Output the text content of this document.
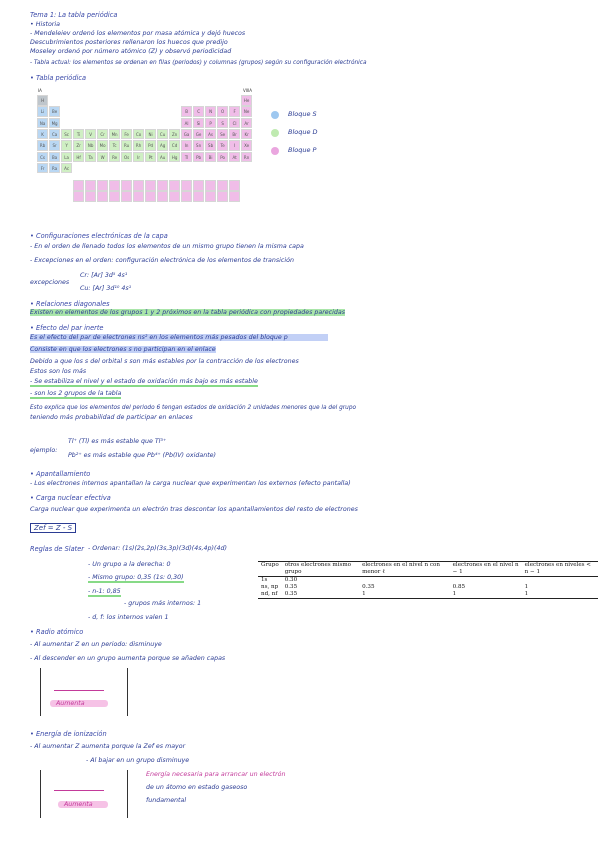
Tema 1: La tabla periódica
• Historia
- Mendeleiev ordenó los elementos por masa atómica y dejó huecos
Descubrimientos posteriores rellenaron los huecos que predijo
Moseley ordenó por número atómico (Z) y observó periodicidad
- Tabla actual: los elementos se ordenan en filas (periodos) y columnas (grupos) según su configuración electrónica
• Tabla periódica
IA	VIIIA
H	He
Li	Be	B	C	N	O	F	Ne
Na	Mg	Al	Si	P	S	Cl	Ar
K	Ca	Sc	Ti	V	Cr	Mn	Fe	Co	Ni	Cu	Zn	Ga	Ge	As	Se	Br	Kr
Rb	Sr	Y	Zr	Nb	Mo	Tc	Ru	Rh	Pd	Ag	Cd	In	Sn	Sb	Te	I	Xe
Cs	Ba	La	Hf	Ta	W	Re	Os	Ir	Pt	Au	Hg	Tl	Pb	Bi	Po	At	Rn
Fr	Ra	Ac
Bloque S
Bloque D
Bloque P
• Configuraciones electrónicas de la capa
- En el orden de llenado todos los elementos de un mismo grupo tienen la misma capa
- Excepciones en el orden: configuración electrónica de los elementos de transición
excepciones
Cr: [Ar] 3d⁵ 4s¹
Cu: [Ar] 3d¹⁰ 4s¹
• Relaciones diagonales
Existen en elementos de los grupos 1 y 2 próximos en la tabla periódica con propiedades parecidas
• Efecto del par inerte
Es el efecto del par de electrones ns² en los elementos más pesados del bloque p
Consiste en que los electrones s no participan en el enlace
Debido a que los s del orbital s son más estables por la contracción de los electrones
Estos son los más
- Se estabiliza el nivel y el estado de oxidación más bajo es más estable
- son los 2 grupos de la tabla
Esto explica que los elementos del periodo 6 tengan estados de oxidación 2 unidades menores que la del grupo
teniendo más probabilidad de participar en enlaces
ejemplo:
Tl⁺ (Tl) es más estable que Tl³⁺
Pb²⁺ es más estable que Pb⁴⁺ (Pb(IV) oxidante)
• Apantallamiento
- Los electrones internos apantallan la carga nuclear que experimentan los externos (efecto pantalla)
• Carga nuclear efectiva
Carga nuclear que experimenta un electrón tras descontar los apantallamientos del resto de electrones
Zef = Z - S
Reglas de Slater - Ordenar: (1s)(2s,2p)(3s,3p)(3d)(4s,4p)(4d)
- Un grupo a la derecha: 0
- Mismo grupo: 0,35 (1s: 0,30)
- n-1: 0,85
- grupos más internos: 1
- d, f: los internos valen 1
Grupo	otros electrones mismo grupo	electrones en el nivel n con menor ℓ	electrones en el nivel n − 1	electrones en niveles < n − 1
1s	0.30			
ns, np	0.35	0.35	0.85	1
nd, nf	0.35	1	1	1
• Radio atómico
- Al aumentar Z en un periodo: disminuye
- Al descender en un grupo aumenta porque se añaden capas
Aumenta
• Energía de ionización
- Al aumentar Z aumenta porque la Zef es mayor
- Al bajar en un grupo disminuye
Aumenta
Energía necesaria para arrancar un electrón
de un átomo en estado gaseoso
fundamental
